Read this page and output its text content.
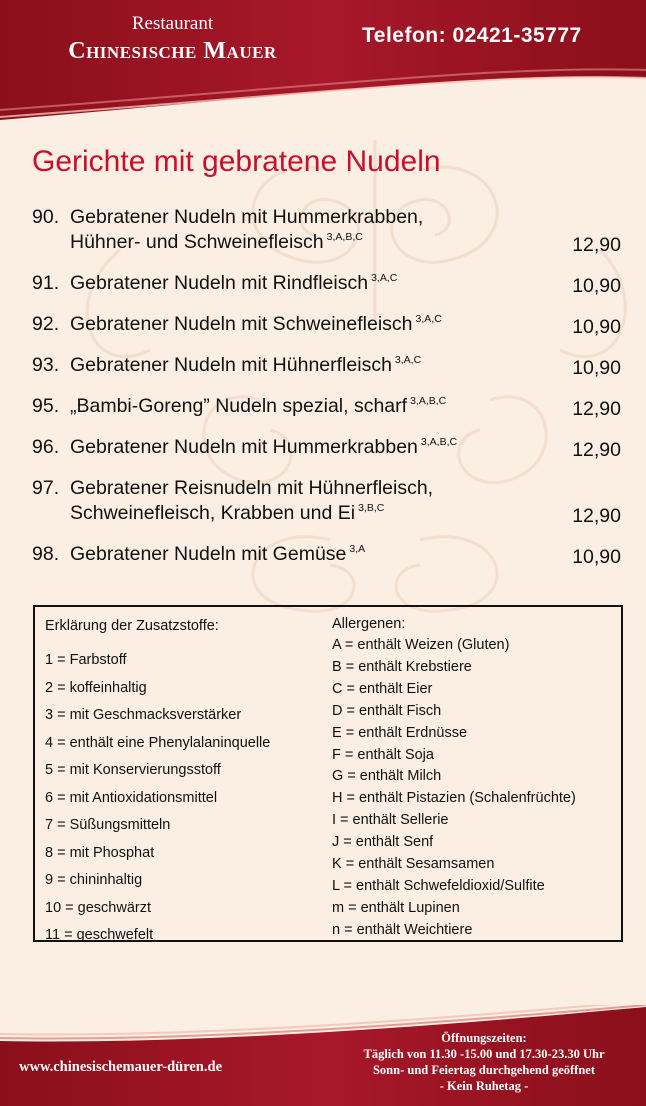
Restaurant
Chinesische Mauer
Telefon: 02421-35777
Gerichte mit gebratene Nudeln
90. Gebratener Nudeln mit Hummerkrabben,
Hühner- und Schweinefleisch $^{3,A,B,C}$	12,90
91. Gebratener Nudeln mit Rindfleisch $^{3,A,C}$	10,90
92. Gebratener Nudeln mit Schweinefleisch $^{3,A,C}$	10,90
93. Gebratener Nudeln mit Hühnerfleisch $^{3,A,C}$	10,90
95. „Bambi-Goreng” Nudeln spezial, scharf $^{3,A,B,C}$	12,90
96. Gebratener Nudeln mit Hummerkrabben $^{3,A,B,C}$	12,90
97. Gebratener Reisnudeln mit Hühnerfleisch,
Schweinefleisch, Krabben und Ei $^{3,B,C}$	12,90
98. Gebratener Nudeln mit Gemüse $^{3,A}$	10,90
Erklärung der Zusatzstoffe:
1 = Farbstoff
2 = koffeinhaltig
3 = mit Geschmacksverstärker
4 = enthält eine Phenylalaninquelle
5 = mit Konservierungsstoff
6 = mit Antioxidationsmittel
7 = Süßungsmitteln
8 = mit Phosphat
9 = chininhaltig
10 = geschwärzt
11 = geschwefelt
Allergenen:
A = enthält Weizen (Gluten)
B = enthält Krebstiere
C = enthält Eier
D = enthält Fisch
E = enthält Erdnüsse
F = enthält Soja
G = enthält Milch
H = enthält Pistazien (Schalenfrüchte)
I = enthält Sellerie
J = enthält Senf
K = enthält Sesamsamen
L = enthält Schwefeldioxid/Sulfite
m = enthält Lupinen
n = enthält Weichtiere
www.chinesischemauer-düren.de
Öffnungszeiten:
Täglich von 11.30 -15.00 und 17.30-23.30 Uhr
Sonn- und Feiertag durchgehend geöffnet
- Kein Ruhetag -
